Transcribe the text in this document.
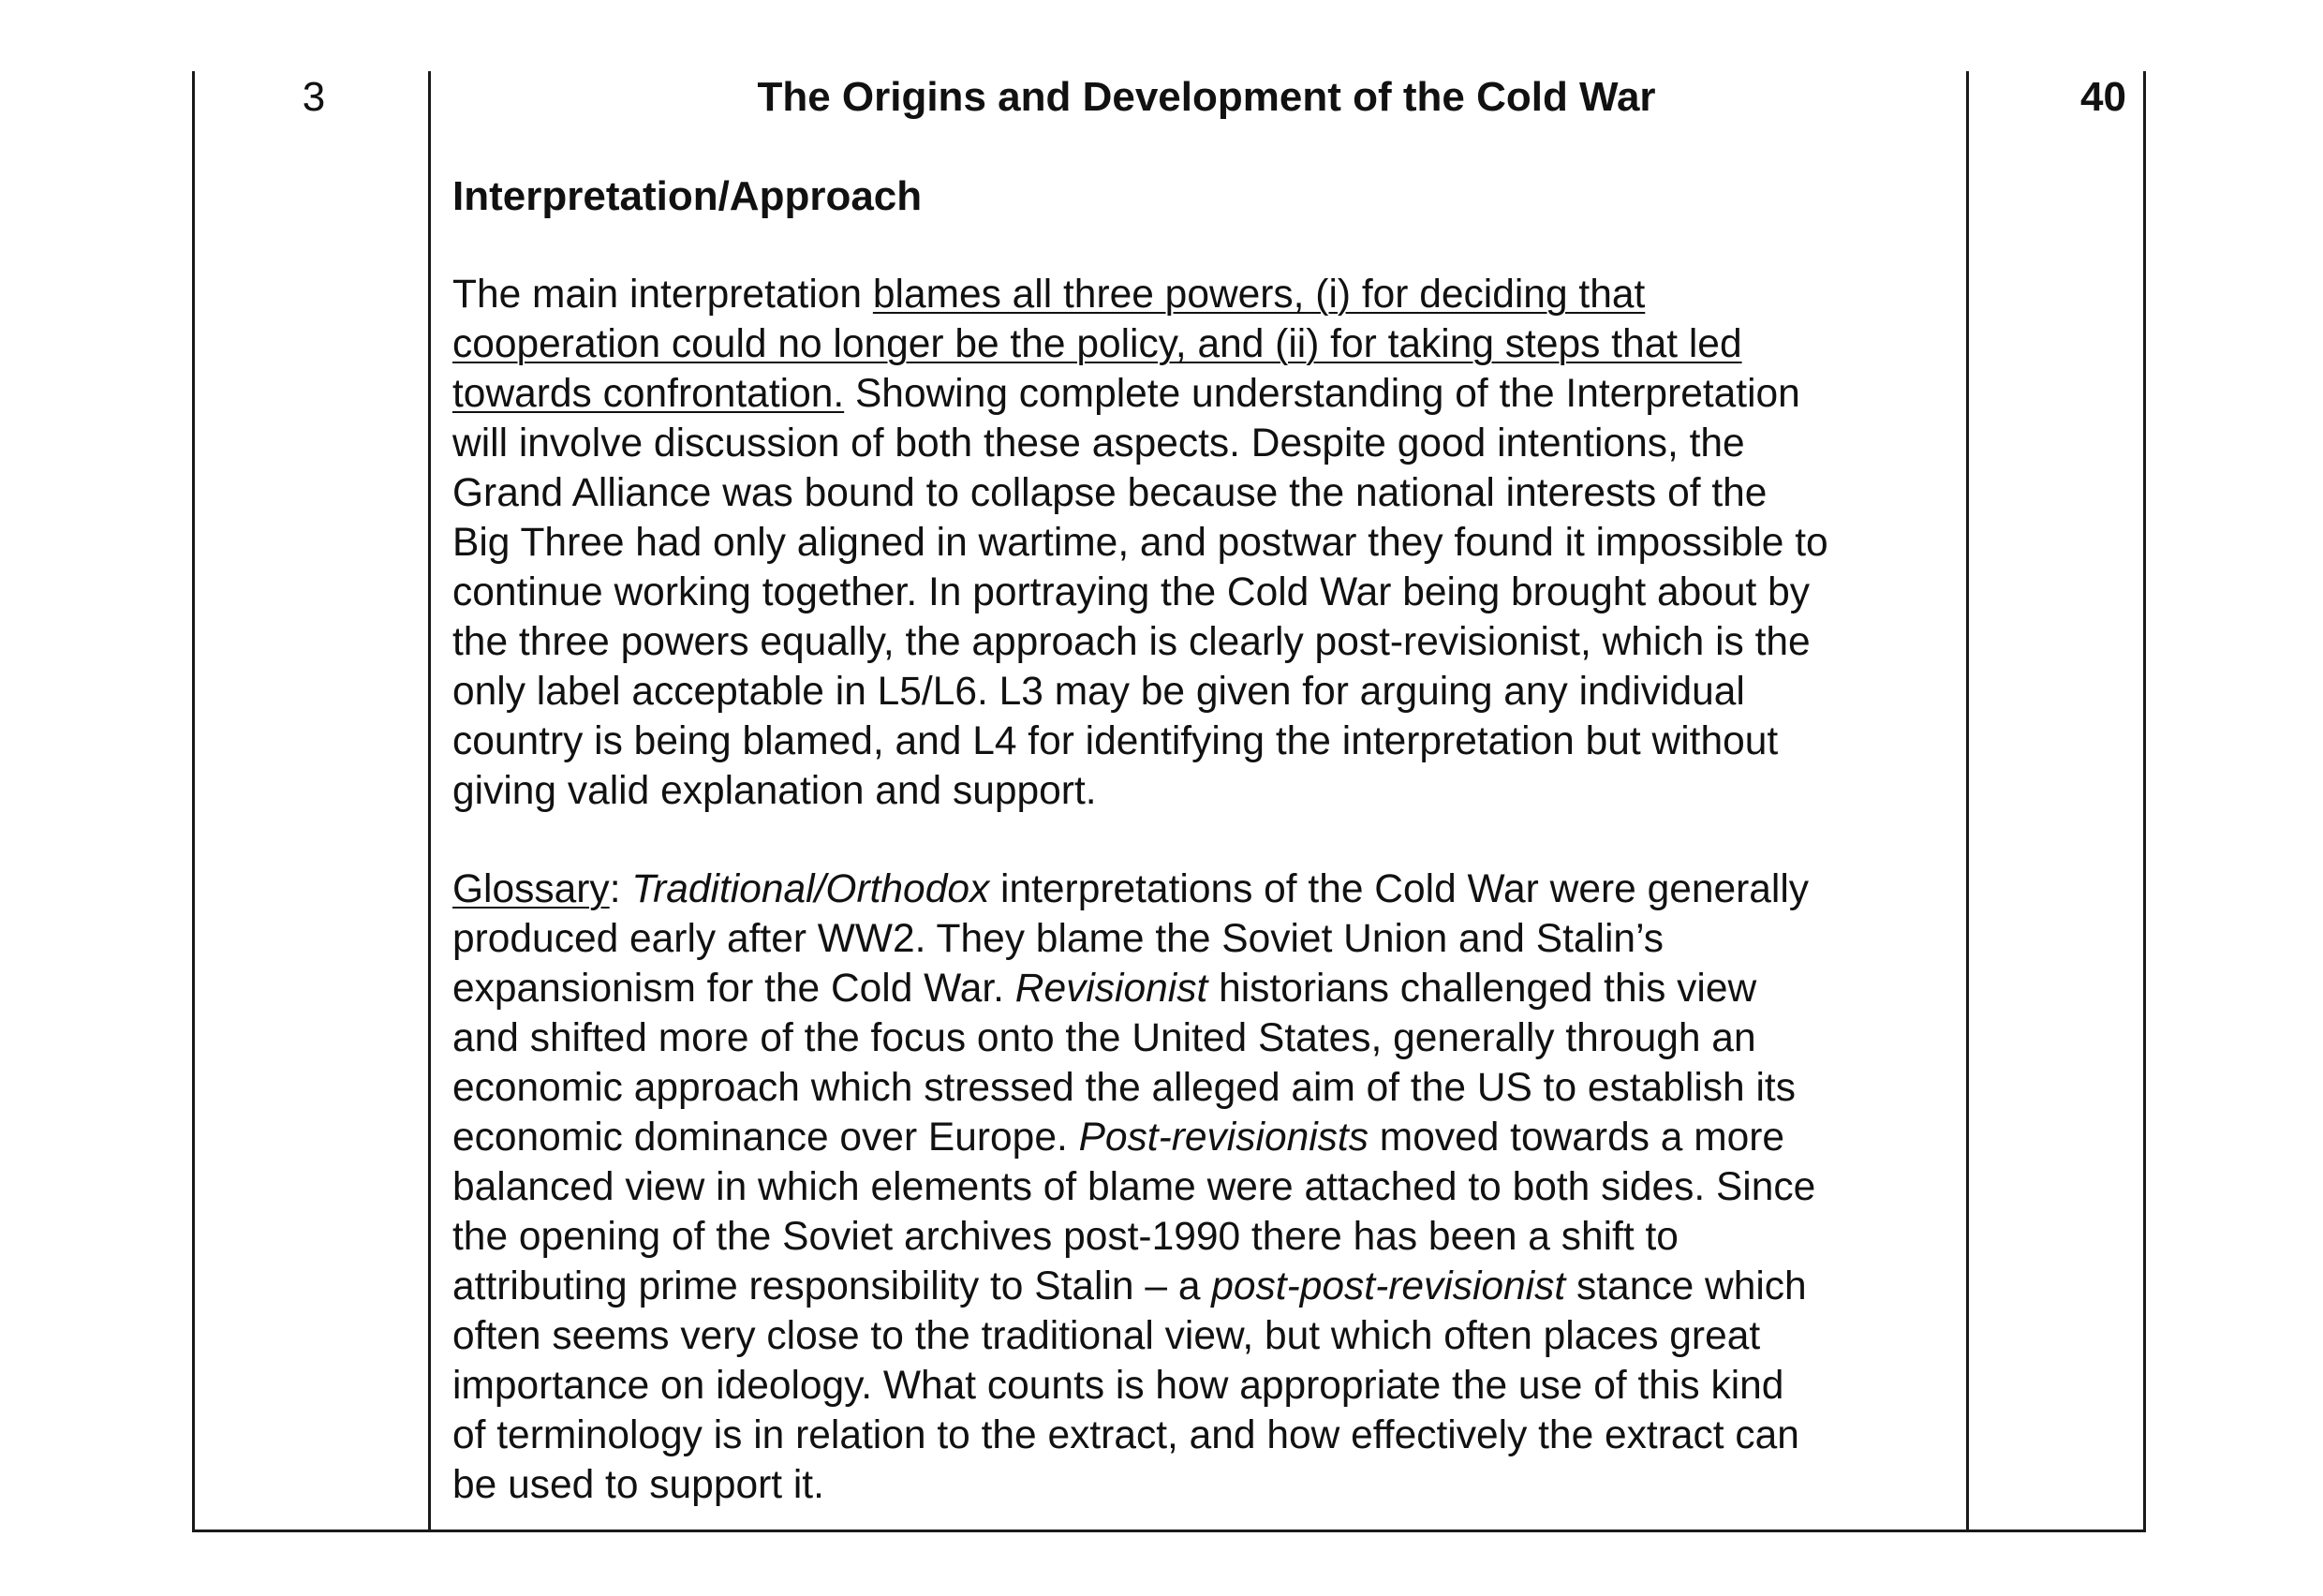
3	40
The Origins and Development of the Cold War
Interpretation/Approach

The main interpretation blames all three powers, (i) for deciding that
cooperation could no longer be the policy, and (ii) for taking steps that led
towards confrontation. Showing complete understanding of the Interpretation
will involve discussion of both these aspects. Despite good intentions, the
Grand Alliance was bound to collapse because the national interests of the
Big Three had only aligned in wartime, and postwar they found it impossible to
continue working together. In portraying the Cold War being brought about by
the three powers equally, the approach is clearly post-revisionist, which is the
only label acceptable in L5/L6. L3 may be given for arguing any individual
country is being blamed, and L4 for identifying the interpretation but without
giving valid explanation and support.

Glossary: Traditional/Orthodox interpretations of the Cold War were generally
produced early after WW2. They blame the Soviet Union and Stalin’s
expansionism for the Cold War. Revisionist historians challenged this view
and shifted more of the focus onto the United States, generally through an
economic approach which stressed the alleged aim of the US to establish its
economic dominance over Europe. Post-revisionists moved towards a more
balanced view in which elements of blame were attached to both sides. Since
the opening of the Soviet archives post-1990 there has been a shift to
attributing prime responsibility to Stalin – a post-post-revisionist stance which
often seems very close to the traditional view, but which often places great
importance on ideology. What counts is how appropriate the use of this kind
of terminology is in relation to the extract, and how effectively the extract can
be used to support it.
